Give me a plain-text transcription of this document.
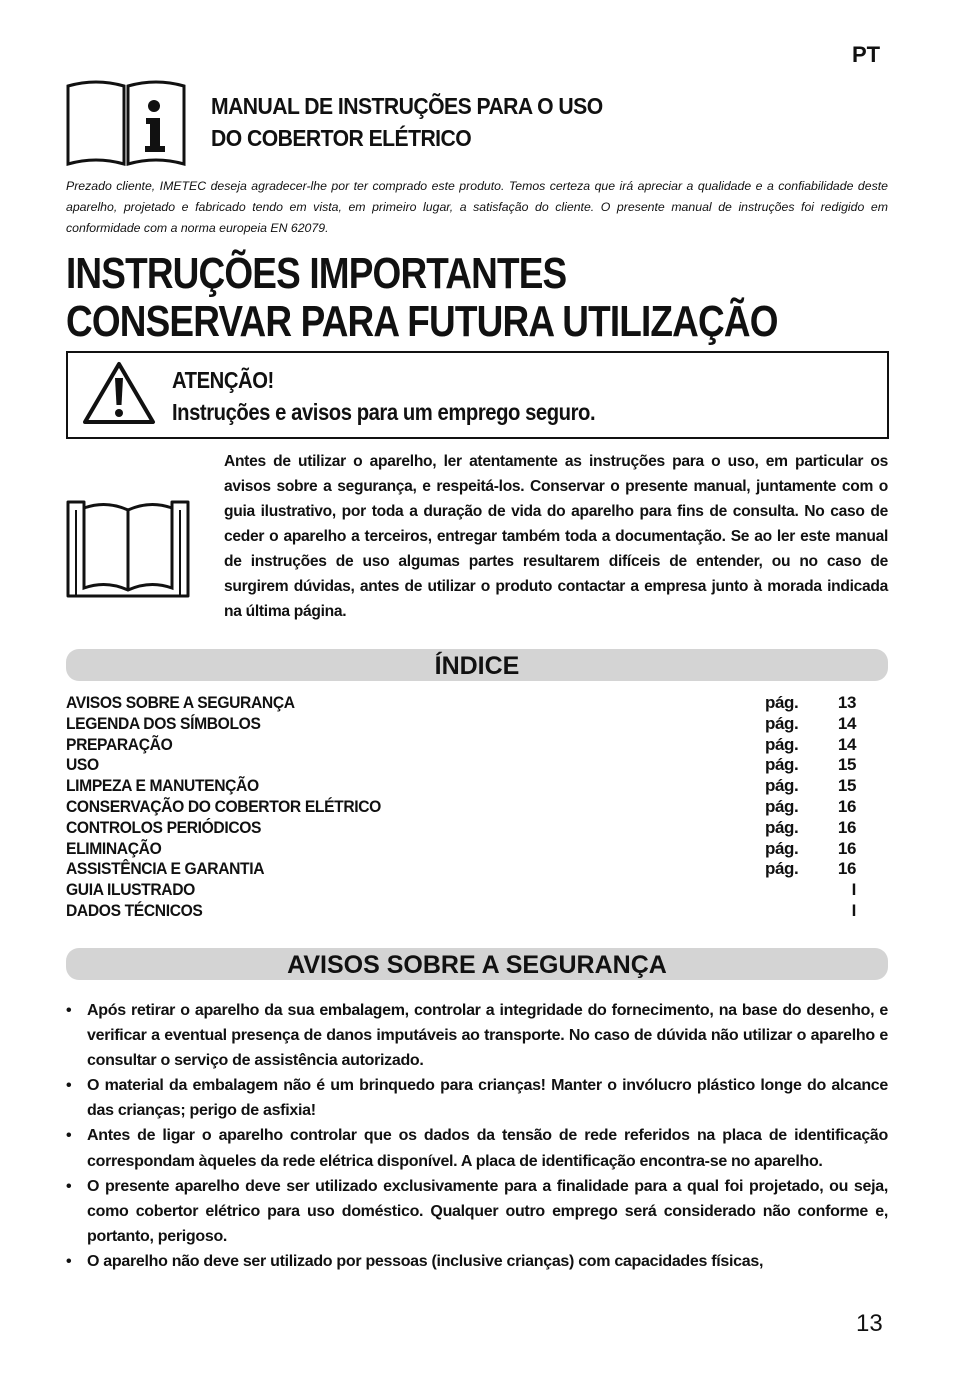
PT
MANUAL DE INSTRUÇÕES PARA O USO
DO COBERTOR ELÉTRICO
Prezado cliente, IMETEC deseja agradecer-lhe por ter comprado este produto. Temos certeza que irá apreciar a qualidade e a confiabilidade deste aparelho, projetado e fabricado tendo em vista, em primeiro lugar, a satisfação do cliente. O presente manual de instruções foi redigido em conformidade com a norma europeia EN 62079.
INSTRUÇÕES IMPORTANTES
CONSERVAR PARA FUTURA UTILIZAÇÃO
ATENÇÃO!
Instruções e avisos para um emprego seguro.
Antes de utilizar o aparelho, ler atentamente as instruções para o uso, em particular os avisos sobre a segurança, e respeitá-los. Conservar o presente manual, juntamente com o guia ilustrativo, por toda a duração de vida do aparelho para fins de consulta. No caso de ceder o aparelho a terceiros, entregar também toda a documentação. Se ao ler este manual de instruções de uso algumas partes resultarem difíceis de entender, ou no caso de surgirem dúvidas, antes de utilizar o produto contactar a empresa junto à morada indicada na última página.
ÍNDICE
AVISOS SOBRE A SEGURANÇA	pág. 13
LEGENDA DOS SÍMBOLOS	pág. 14
PREPARAÇÃO	pág. 14
USO	pág. 15
LIMPEZA E MANUTENÇÃO	pág. 15
CONSERVAÇÃO DO COBERTOR ELÉTRICO	pág. 16
CONTROLOS PERIÓDICOS	pág. 16
ELIMINAÇÃO	pág. 16
ASSISTÊNCIA E GARANTIA	pág. 16
GUIA ILUSTRADO	I
DADOS TÉCNICOS	I
AVISOS SOBRE A SEGURANÇA
• Após retirar o aparelho da sua embalagem, controlar a integridade do fornecimento, na base do desenho, e verificar a eventual presença de danos imputáveis ao transporte. No caso de dúvida não utilizar o aparelho e consultar o serviço de assistência autorizado.
• O material da embalagem não é um brinquedo para crianças! Manter o invólucro plástico longe do alcance das crianças; perigo de asfixia!
• Antes de ligar o aparelho controlar que os dados da tensão de rede referidos na placa de identificação correspondam àqueles da rede elétrica disponível. A placa de identificação encontra-se no aparelho.
• O presente aparelho deve ser utilizado exclusivamente para a finalidade para a qual foi projetado, ou seja, como cobertor elétrico para uso doméstico. Qualquer outro emprego será considerado não conforme e, portanto, perigoso.
• O aparelho não deve ser utilizado por pessoas (inclusive crianças) com capacidades físicas,
13
